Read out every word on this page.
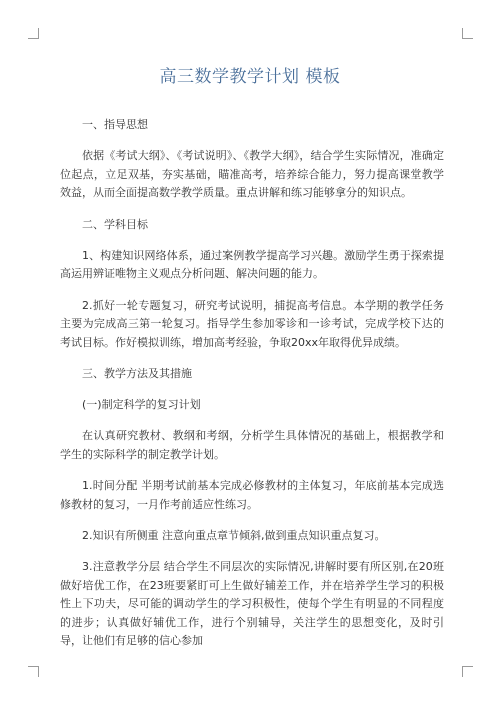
高三数学教学计划 模板

一、指导思想

依据《考试大纲》、《考试说明》、《教学大纲》，结合学生实际情况，准确定位起点，立足双基，夯实基础，瞄准高考，培养综合能力，努力提高课堂教学效益，从而全面提高数学教学质量。重点讲解和练习能够拿分的知识点。

二、学科目标

1、构建知识网络体系，通过案例教学提高学习兴趣。激励学生勇于探索提高运用辨证唯物主义观点分析问题、解决问题的能力。

2.抓好一轮专题复习，研究考试说明，捕捉高考信息。本学期的教学任务主要为完成高三第一轮复习。指导学生参加零诊和一诊考试，完成学校下达的考试目标。作好模拟训练，增加高考经验，争取20xx年取得优异成绩。

三、教学方法及其措施

(一)制定科学的复习计划

在认真研究教材、教纲和考纲，分析学生具体情况的基础上，根据教学和学生的实际科学的制定教学计划。

1.时间分配 半期考试前基本完成必修教材的主体复习，年底前基本完成选修教材的复习，一月作考前适应性练习。

2.知识有所侧重 注意向重点章节倾斜,做到重点知识重点复习。

3.注意教学分层 结合学生不同层次的实际情况,讲解时要有所区别,在20班做好培优工作，在23班要紧盯可上生做好辅差工作，并在培养学生学习的积极性上下功夫，尽可能的调动学生的学习积极性，使每个学生有明显的不同程度的进步；认真做好辅优工作，进行个别辅导，关注学生的思想变化，及时引导，让他们有足够的信心参加
